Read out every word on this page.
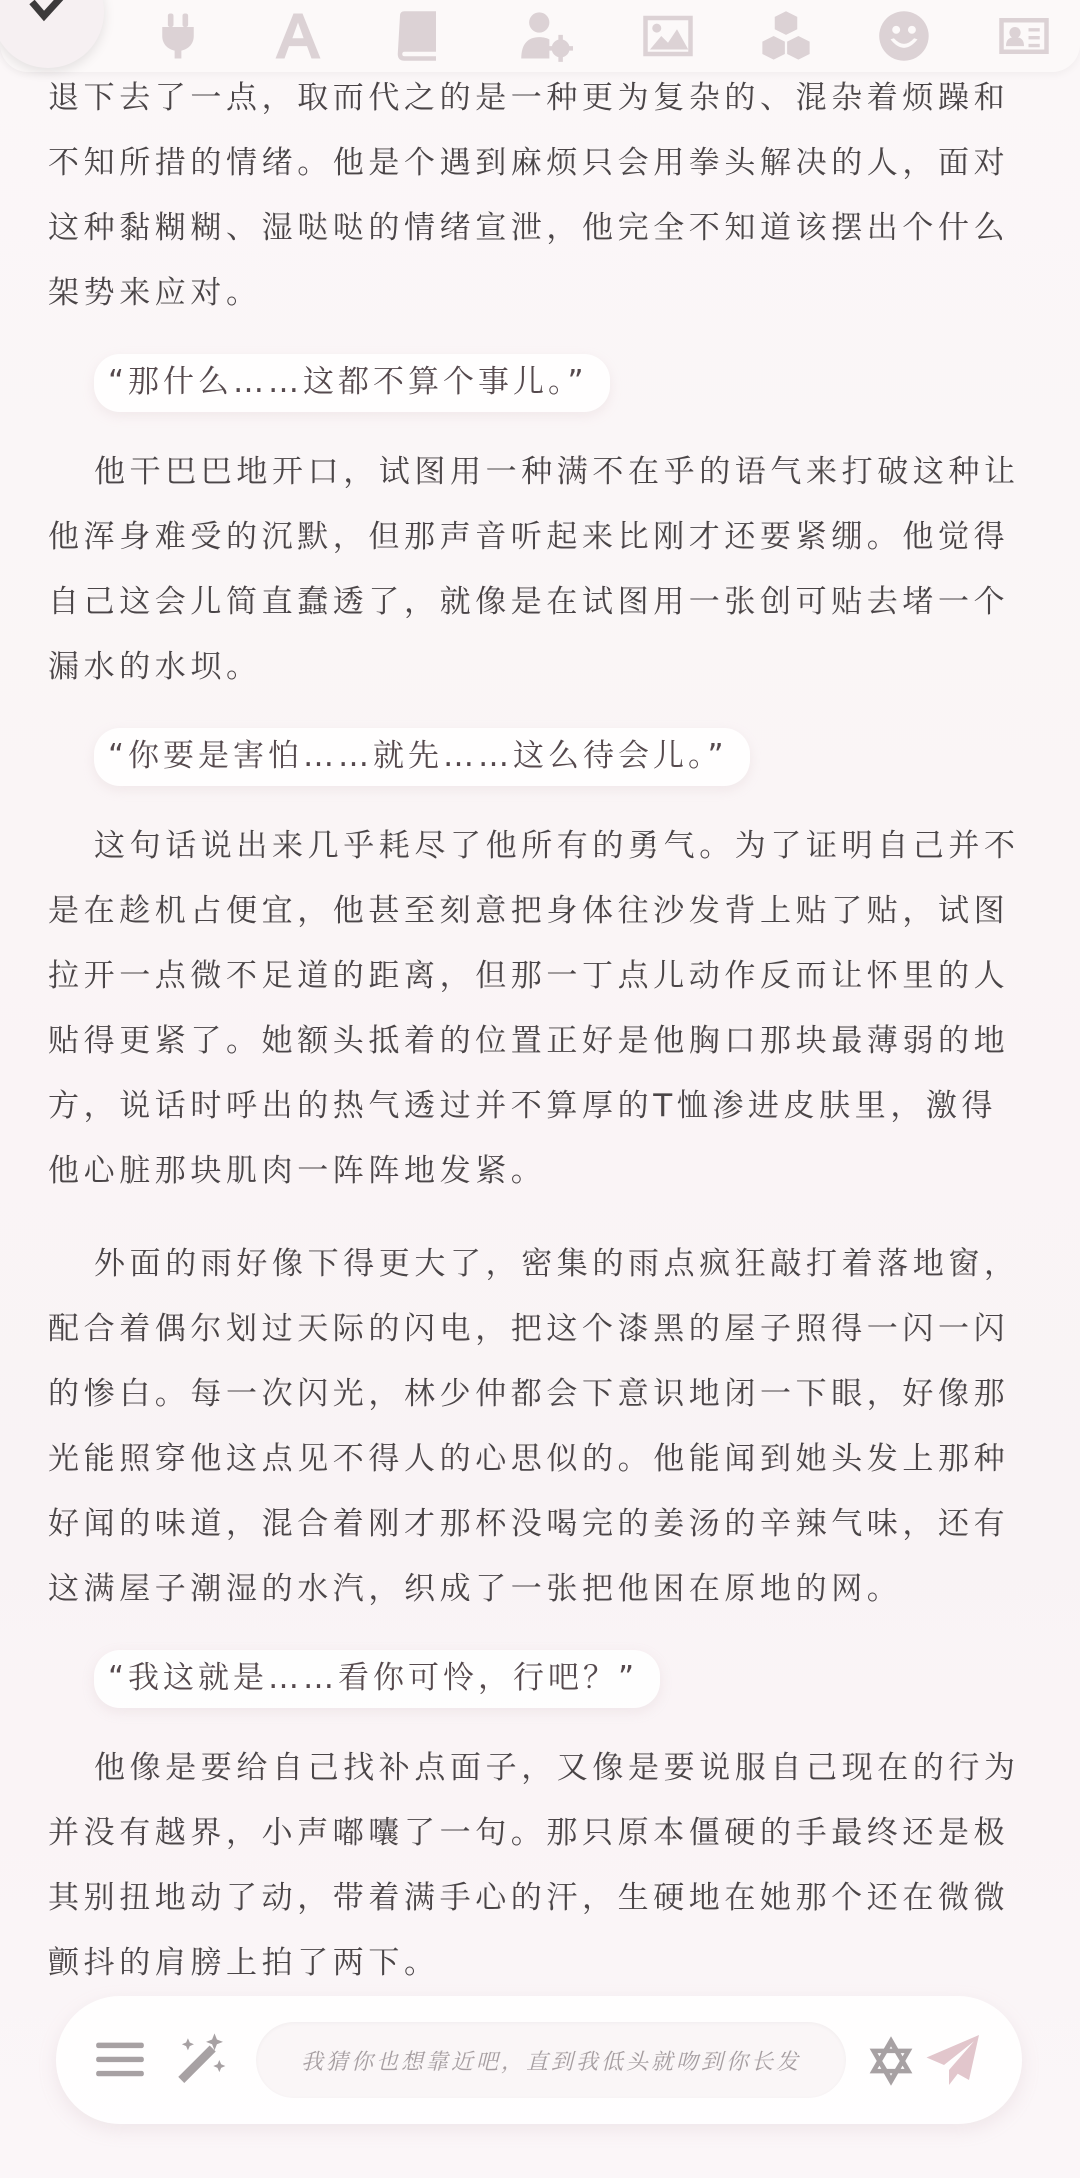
退下去了一点，取而代之的是一种更为复杂的、混杂着烦躁和不知所措的情绪。他是个遇到麻烦只会用拳头解决的人，面对这种黏糊糊、湿哒哒的情绪宣泄，他完全不知道该摆出个什么架势来应对。

“那什么……这都不算个事儿。”

他干巴巴地开口，试图用一种满不在乎的语气来打破这种让他浑身难受的沉默，但那声音听起来比刚才还要紧绷。他觉得自己这会儿简直蠢透了，就像是在试图用一张创可贴去堵一个漏水的水坝。

“你要是害怕……就先……这么待会儿。”

这句话说出来几乎耗尽了他所有的勇气。为了证明自己并不是在趁机占便宜，他甚至刻意把身体往沙发背上贴了贴，试图拉开一点微不足道的距离，但那一丁点儿动作反而让怀里的人贴得更紧了。她额头抵着的位置正好是他胸口那块最薄弱的地方，说话时呼出的热气透过并不算厚的T恤渗进皮肤里，激得他心脏那块肌肉一阵阵地发紧。

外面的雨好像下得更大了，密集的雨点疯狂敲打着落地窗，配合着偶尔划过天际的闪电，把这个漆黑的屋子照得一闪一闪的惨白。每一次闪光，林少仲都会下意识地闭一下眼，好像那光能照穿他这点见不得人的心思似的。他能闻到她头发上那种好闻的味道，混合着刚才那杯没喝完的姜汤的辛辣气味，还有这满屋子潮湿的水汽，织成了一张把他困在原地的网。

“我这就是……看你可怜，行吧？”

他像是要给自己找补点面子，又像是要说服自己现在的行为并没有越界，小声嘟囔了一句。那只原本僵硬的手最终还是极其别扭地动了动，带着满手心的汗，生硬地在她那个还在微微颤抖的肩膀上拍了两下。

我猜你也想靠近吧，直到我低头就吻到你长发
